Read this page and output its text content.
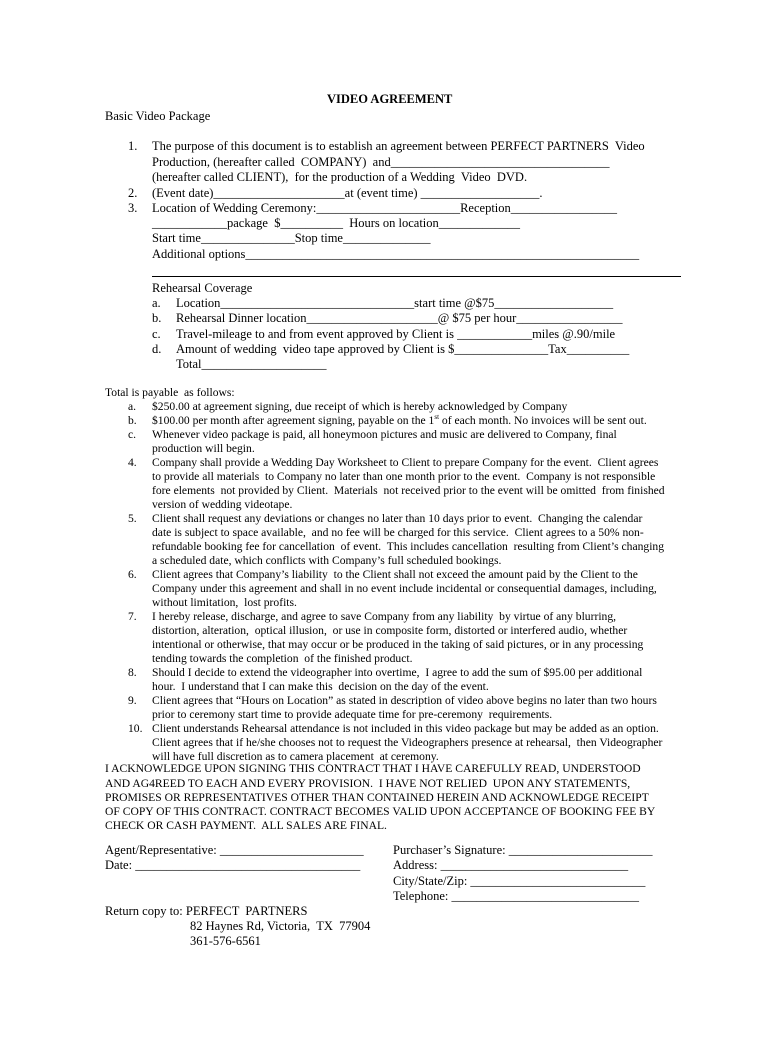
VIDEO AGREEMENT
Basic Video Package
1. The purpose of this document is to establish an agreement between PERFECT PARTNERS  Video
Production, (hereafter called  COMPANY)  and___________________________________
(hereafter called CLIENT),  for the production of a Wedding  Video  DVD.
2. (Event date)_____________________at (event time) ___________________.
3. Location of Wedding Ceremony:_______________________Reception_________________
____________package  $__________  Hours on location_____________
Start time_______________Stop time______________
Additional options_______________________________________________________________
Rehearsal Coverage
a. Location_______________________________start time @$75___________________
b. Rehearsal Dinner location_____________________@ $75 per hour_________________
c. Travel-mileage to and from event approved by Client is ____________miles @.90/mile
d. Amount of wedding  video tape approved by Client is $_______________Tax__________
Total____________________
Total is payable  as follows:
a. $250.00 at agreement signing, due receipt of which is hereby acknowledged by Company
b. $100.00 per month after agreement signing, payable on the 1st of each month. No invoices will be sent out.
c. Whenever video package is paid, all honeymoon pictures and music are delivered to Company, final
production will begin.
4. Company shall provide a Wedding Day Worksheet to Client to prepare Company for the event.  Client agrees
to provide all materials  to Company no later than one month prior to the event.  Company is not responsible
fore elements  not provided by Client.  Materials  not received prior to the event will be omitted  from finished
version of wedding videotape.
5. Client shall request any deviations or changes no later than 10 days prior to event.  Changing the calendar
date is subject to space available,  and no fee will be charged for this service.  Client agrees to a 50% non-
refundable booking fee for cancellation  of event.  This includes cancellation  resulting from Client’s changing
a scheduled date, which conflicts with Company’s full scheduled bookings.
6. Client agrees that Company’s liability  to the Client shall not exceed the amount paid by the Client to the
Company under this agreement and shall in no event include incidental or consequential damages, including,
without limitation,  lost profits.
7. I hereby release, discharge, and agree to save Company from any liability  by virtue of any blurring,
distortion, alteration,  optical illusion,  or use in composite form, distorted or interfered audio, whether
intentional or otherwise, that may occur or be produced in the taking of said pictures, or in any processing
tending towards the completion  of the finished product.
8. Should I decide to extend the videographer into overtime,  I agree to add the sum of $95.00 per additional
hour.  I understand that I can make this  decision on the day of the event.
9. Client agrees that “Hours on Location” as stated in description of video above begins no later than two hours
prior to ceremony start time to provide adequate time for pre-ceremony  requirements.
10. Client understands Rehearsal attendance is not included in this video package but may be added as an option.
Client agrees that if he/she chooses not to request the Videographers presence at rehearsal,  then Videographer
will have full discretion as to camera placement  at ceremony.
I ACKNOWLEDGE UPON SIGNING THIS CONTRACT THAT I HAVE CAREFULLY READ, UNDERSTOOD
AND AG4REED TO EACH AND EVERY PROVISION.  I HAVE NOT RELIED  UPON ANY STATEMENTS,
PROMISES OR REPRESENTATIVES OTHER THAN CONTAINED HEREIN AND ACKNOWLEDGE RECEIPT
OF COPY OF THIS CONTRACT. CONTRACT BECOMES VALID UPON ACCEPTANCE OF BOOKING FEE BY
CHECK OR CASH PAYMENT.  ALL SALES ARE FINAL.
Agent/Representative: _______________________
Date: ____________________________________
Purchaser’s Signature: _______________________
Address: ______________________________
City/State/Zip: ____________________________
Telephone: ______________________________
Return copy to: PERFECT  PARTNERS
82 Haynes Rd, Victoria,  TX  77904
361-576-6561
